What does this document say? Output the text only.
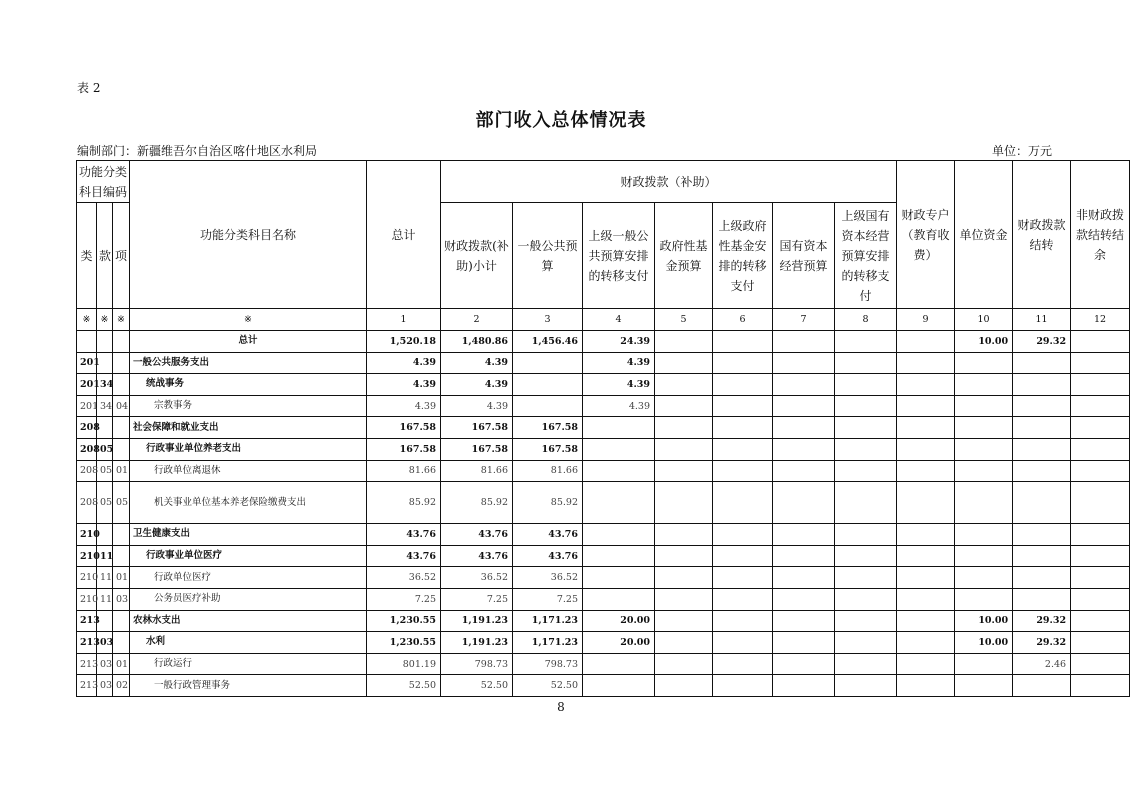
表 2
部门收入总体情况表
编制部门：新疆维吾尔自治区喀什地区水利局	单位：万元
功能分类科目编码			功能分类科目名称	总计	财政拨款（补助）							财政专户（教育收费）	单位资金	财政拨款结转	非财政拨款结转结余
类	款	项			财政拨款(补助)小计	一般公共预算	上级一般公共预算安排的转移支付	政府性基金预算	上级政府性基金安排的转移支付	国有资本经营预算	上级国有资本经营预算安排的转移支付				
※	※	※	※	1	2	3	4	5	6	7	8	9	10	11	12
			总计	1,520.18	1,480.86	1,456.46	24.39						10.00	29.32	
201			一般公共服务支出	4.39	4.39		4.39								
201	34		统战事务	4.39	4.39		4.39								
201	34	04	宗教事务	4.39	4.39		4.39								
208			社会保障和就业支出	167.58	167.58	167.58									
208	05		行政事业单位养老支出	167.58	167.58	167.58									
208	05	01	行政单位离退休	81.66	81.66	81.66									
208	05	05	机关事业单位基本养老保险缴费支出	85.92	85.92	85.92									
210			卫生健康支出	43.76	43.76	43.76									
210	11		行政事业单位医疗	43.76	43.76	43.76									
210	11	01	行政单位医疗	36.52	36.52	36.52									
210	11	03	公务员医疗补助	7.25	7.25	7.25									
213			农林水支出	1,230.55	1,191.23	1,171.23	20.00						10.00	29.32	
213	03		水利	1,230.55	1,191.23	1,171.23	20.00						10.00	29.32	
213	03	01	行政运行	801.19	798.73	798.73								2.46	
213	03	02	一般行政管理事务	52.50	52.50	52.50									
8
